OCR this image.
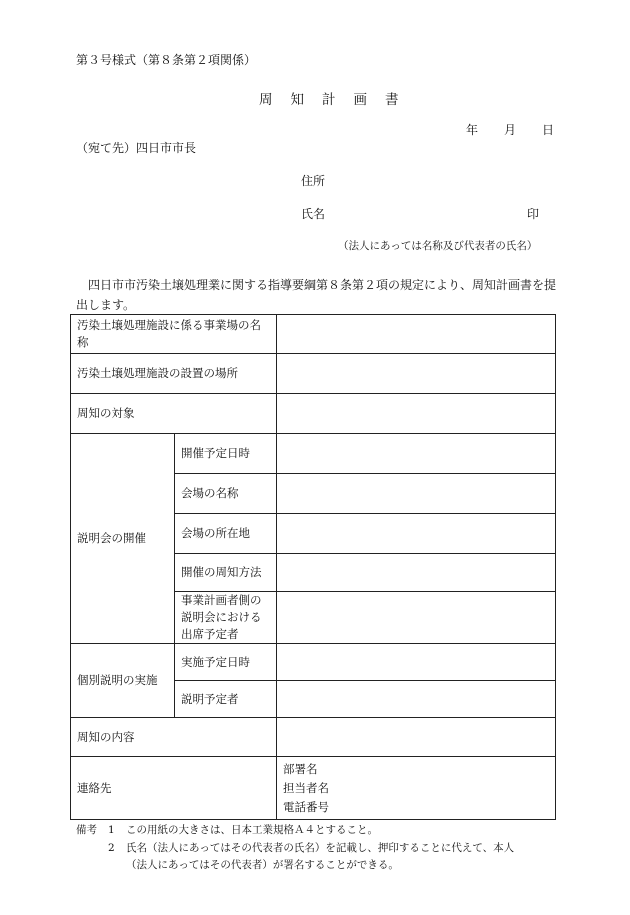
第３号様式（第８条第２項関係）
周 知 計 画 書
年 月 日
（宛て先）四日市市長
住所
氏名	印
（法人にあっては名称及び代表者の氏名）
四日市市汚染土壌処理業に関する指導要綱第８条第２項の規定により、周知計画書を提
出します。
汚染土壌処理施設に係る事業場の名称		
汚染土壌処理施設の設置の場所		
周知の対象		
説明会の開催	開催予定日時	
	会場の名称	
	会場の所在地	
	開催の周知方法	
	事業計画者側の説明会における出席予定者	
個別説明の実施	実施予定日時	
	説明予定者	
周知の内容		
連絡先		部署名
担当者名
電話番号
備考	1	この用紙の大きさは、日本工業規格Ａ４とすること。
2	氏名（法人にあってはその代表者の氏名）を記載し、押印することに代えて、本人（法人にあってはその代表者）が署名することができる。
